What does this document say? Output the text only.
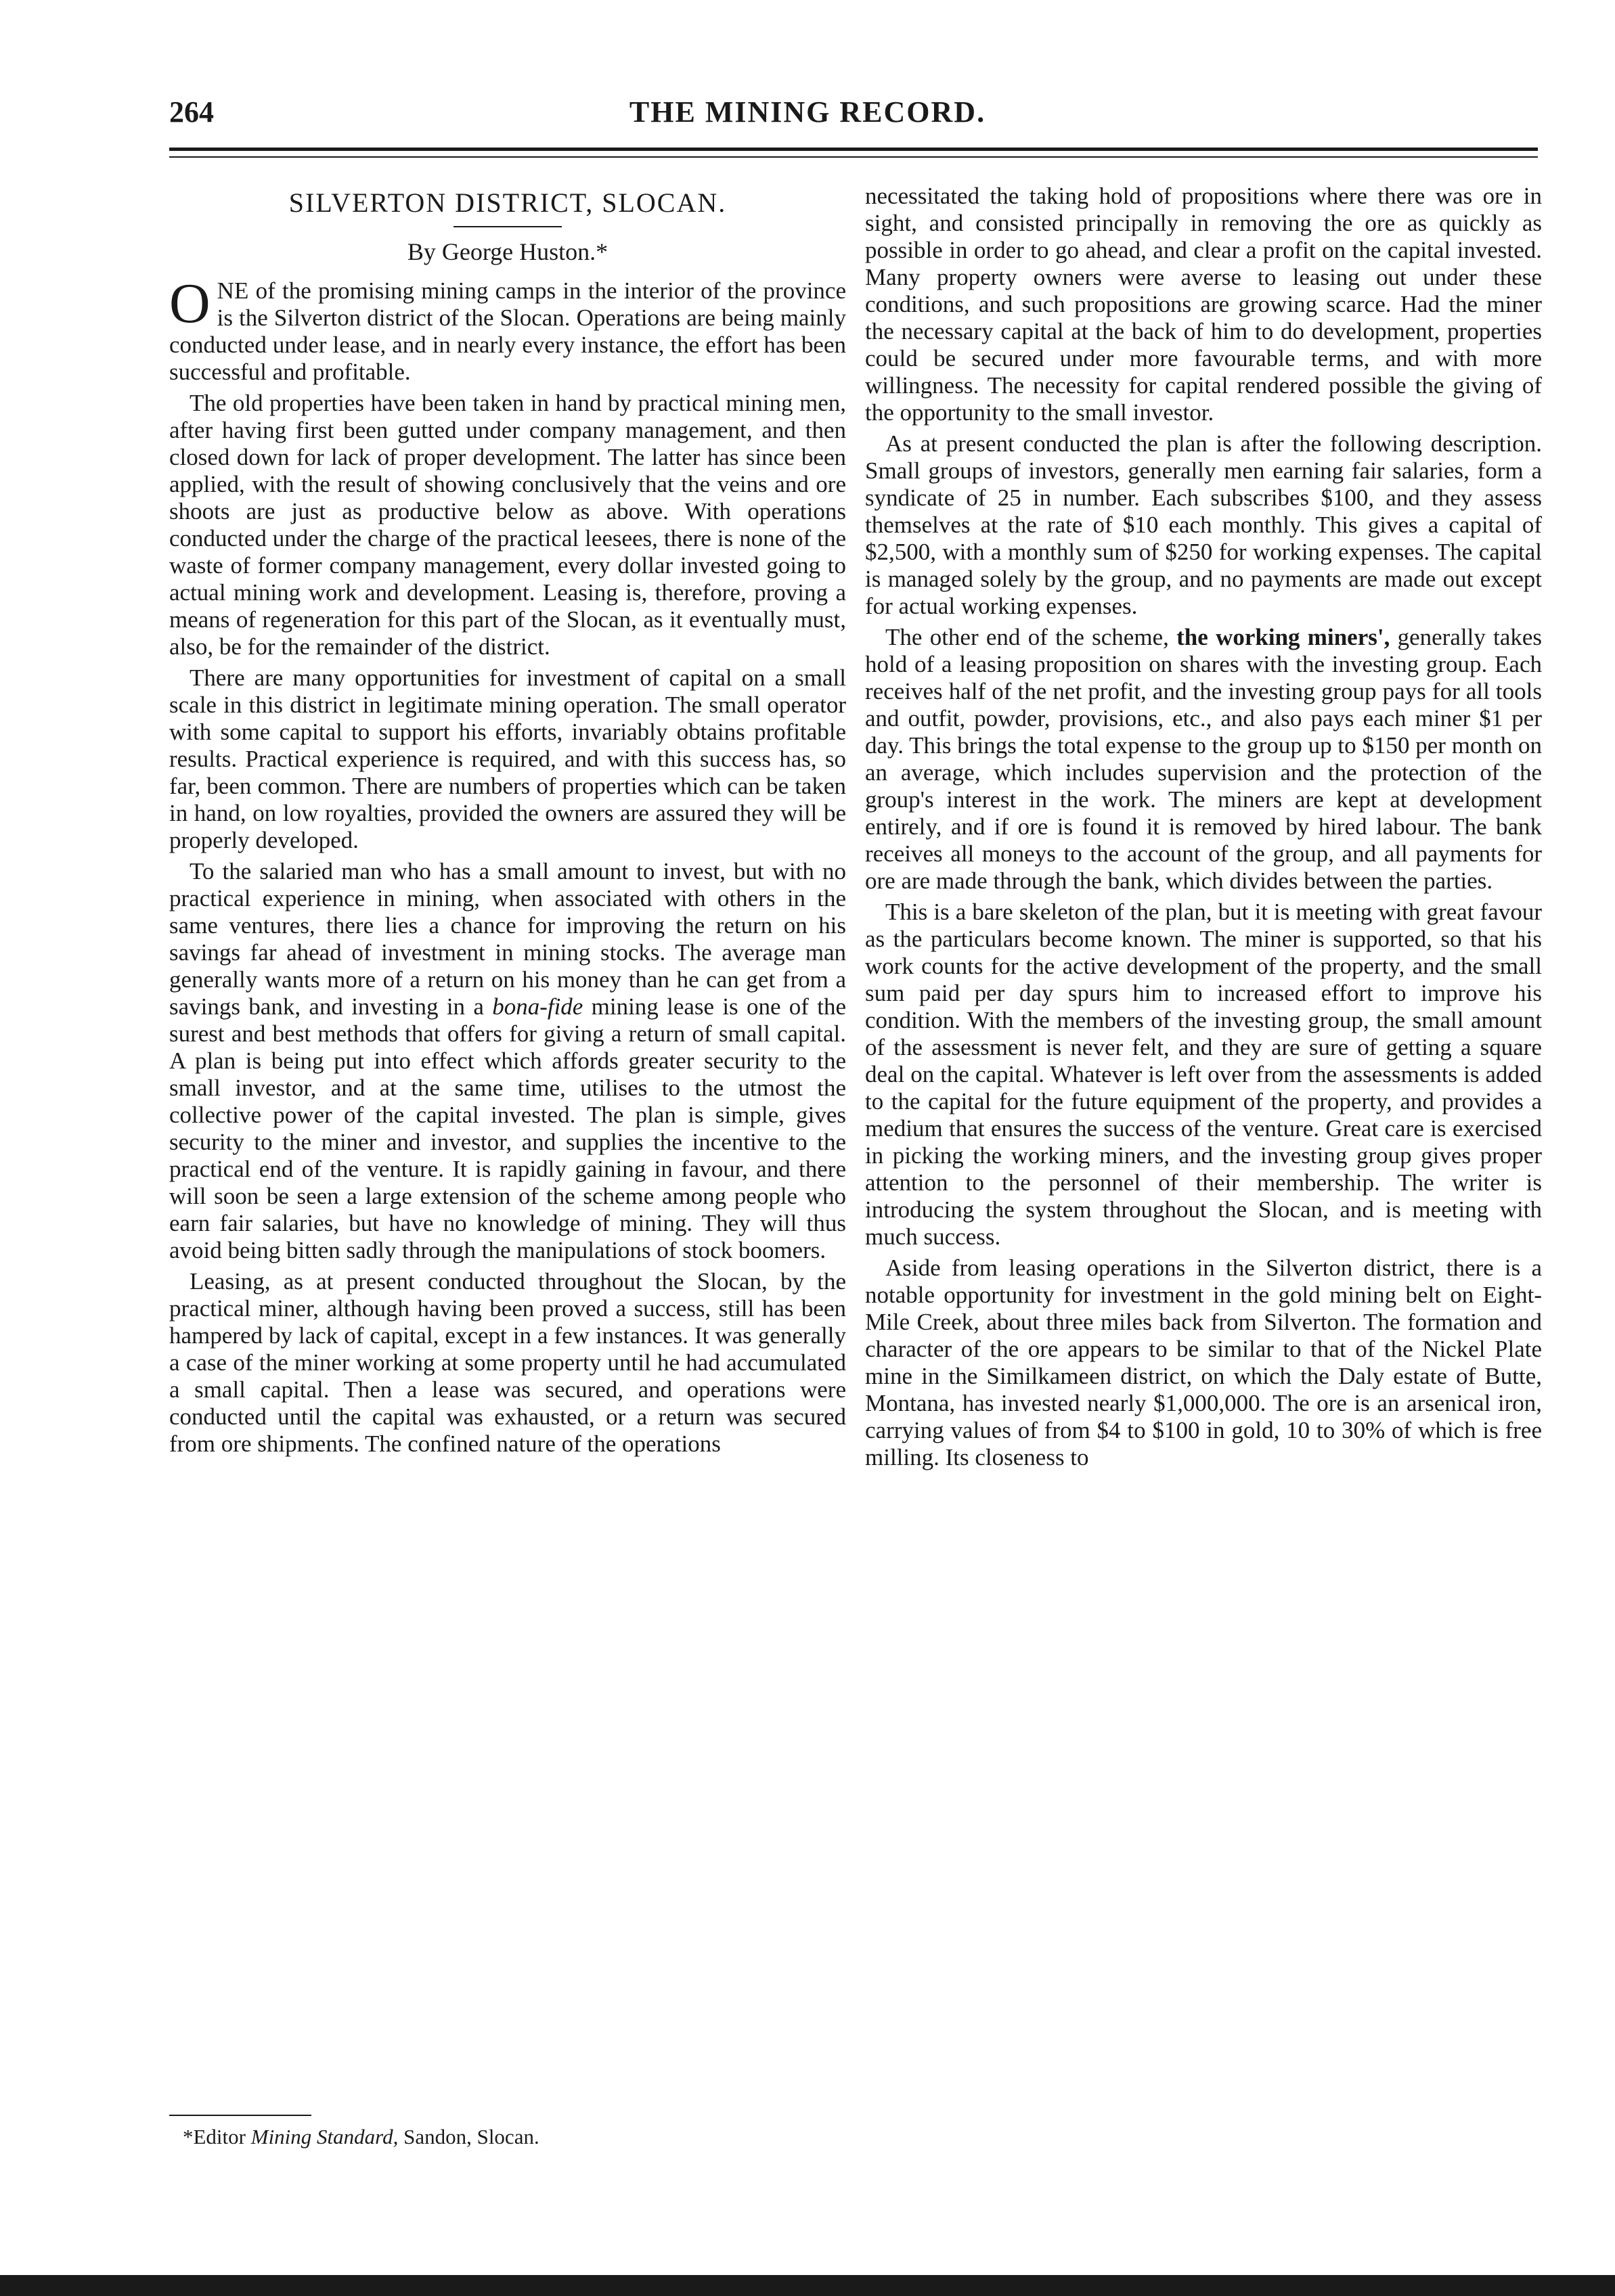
264	THE MINING RECORD.
SILVERTON DISTRICT, SLOCAN.
By George Huston.*

ONE of the promising mining camps in the interior of the province is the Silverton district of the Slocan. Operations are being mainly conducted under lease, and in nearly every instance, the effort has been successful and profitable.

The old properties have been taken in hand by practical mining men, after having first been gutted under company management, and then closed down for lack of proper development. The latter has since been applied, with the result of showing conclusively that the veins and ore shoots are just as productive below as above. With operations conducted under the charge of the practical leesees, there is none of the waste of former company management, every dollar invested going to actual mining work and development. Leasing is, therefore, proving a means of regeneration for this part of the Slocan, as it eventually must, also, be for the remainder of the district.

There are many opportunities for investment of capital on a small scale in this district in legitimate mining operation. The small operator with some capital to support his efforts, invariably obtains profitable results. Practical experience is required, and with this success has, so far, been common. There are numbers of properties which can be taken in hand, on low royalties, provided the owners are assured they will be properly developed.

To the salaried man who has a small amount to invest, but with no practical experience in mining, when associated with others in the same ventures, there lies a chance for improving the return on his savings far ahead of investment in mining stocks. The average man generally wants more of a return on his money than he can get from a savings bank, and investing in a bona-fide mining lease is one of the surest and best methods that offers for giving a return of small capital. A plan is being put into effect which affords greater security to the small investor, and at the same time, utilises to the utmost the collective power of the capital invested. The plan is simple, gives security to the miner and investor, and supplies the incentive to the practical end of the venture. It is rapidly gaining in favour, and there will soon be seen a large extension of the scheme among people who earn fair salaries, but have no knowledge of mining. They will thus avoid being bitten sadly through the manipulations of stock boomers.

Leasing, as at present conducted throughout the Slocan, by the practical miner, although having been proved a success, still has been hampered by lack of capital, except in a few instances. It was generally a case of the miner working at some property until he had accumulated a small capital. Then a lease was secured, and operations were conducted until the capital was exhausted, or a return was secured from ore shipments. The confined nature of the operations

necessitated the taking hold of propositions where there was ore in sight, and consisted principally in removing the ore as quickly as possible in order to go ahead, and clear a profit on the capital invested. Many property owners were averse to leasing out under these conditions, and such propositions are growing scarce. Had the miner the necessary capital at the back of him to do development, properties could be secured under more favourable terms, and with more willingness. The necessity for capital rendered possible the giving of the opportunity to the small investor.

As at present conducted the plan is after the following description. Small groups of investors, generally men earning fair salaries, form a syndicate of 25 in number. Each subscribes $100, and they assess themselves at the rate of $10 each monthly. This gives a capital of $2,500, with a monthly sum of $250 for working expenses. The capital is managed solely by the group, and no payments are made out except for actual working expenses.

The other end of the scheme, the working miners', generally takes hold of a leasing proposition on shares with the investing group. Each receives half of the net profit, and the investing group pays for all tools and outfit, powder, provisions, etc., and also pays each miner $1 per day. This brings the total expense to the group up to $150 per month on an average, which includes supervision and the protection of the group's interest in the work. The miners are kept at development entirely, and if ore is found it is removed by hired labour. The bank receives all moneys to the account of the group, and all payments for ore are made through the bank, which divides between the parties.

This is a bare skeleton of the plan, but it is meeting with great favour as the particulars become known. The miner is supported, so that his work counts for the active development of the property, and the small sum paid per day spurs him to increased effort to improve his condition. With the members of the investing group, the small amount of the assessment is never felt, and they are sure of getting a square deal on the capital. Whatever is left over from the assessments is added to the capital for the future equipment of the property, and provides a medium that ensures the success of the venture. Great care is exercised in picking the working miners, and the investing group gives proper attention to the personnel of their membership. The writer is introducing the system throughout the Slocan, and is meeting with much success.

Aside from leasing operations in the Silverton district, there is a notable opportunity for investment in the gold mining belt on Eight-Mile Creek, about three miles back from Silverton. The formation and character of the ore appears to be similar to that of the Nickel Plate mine in the Similkameen district, on which the Daly estate of Butte, Montana, has invested nearly $1,000,000. The ore is an arsenical iron, carrying values of from $4 to $100 in gold, 10 to 30% of which is free milling. Its closeness to

*Editor Mining Standard, Sandon, Slocan.
